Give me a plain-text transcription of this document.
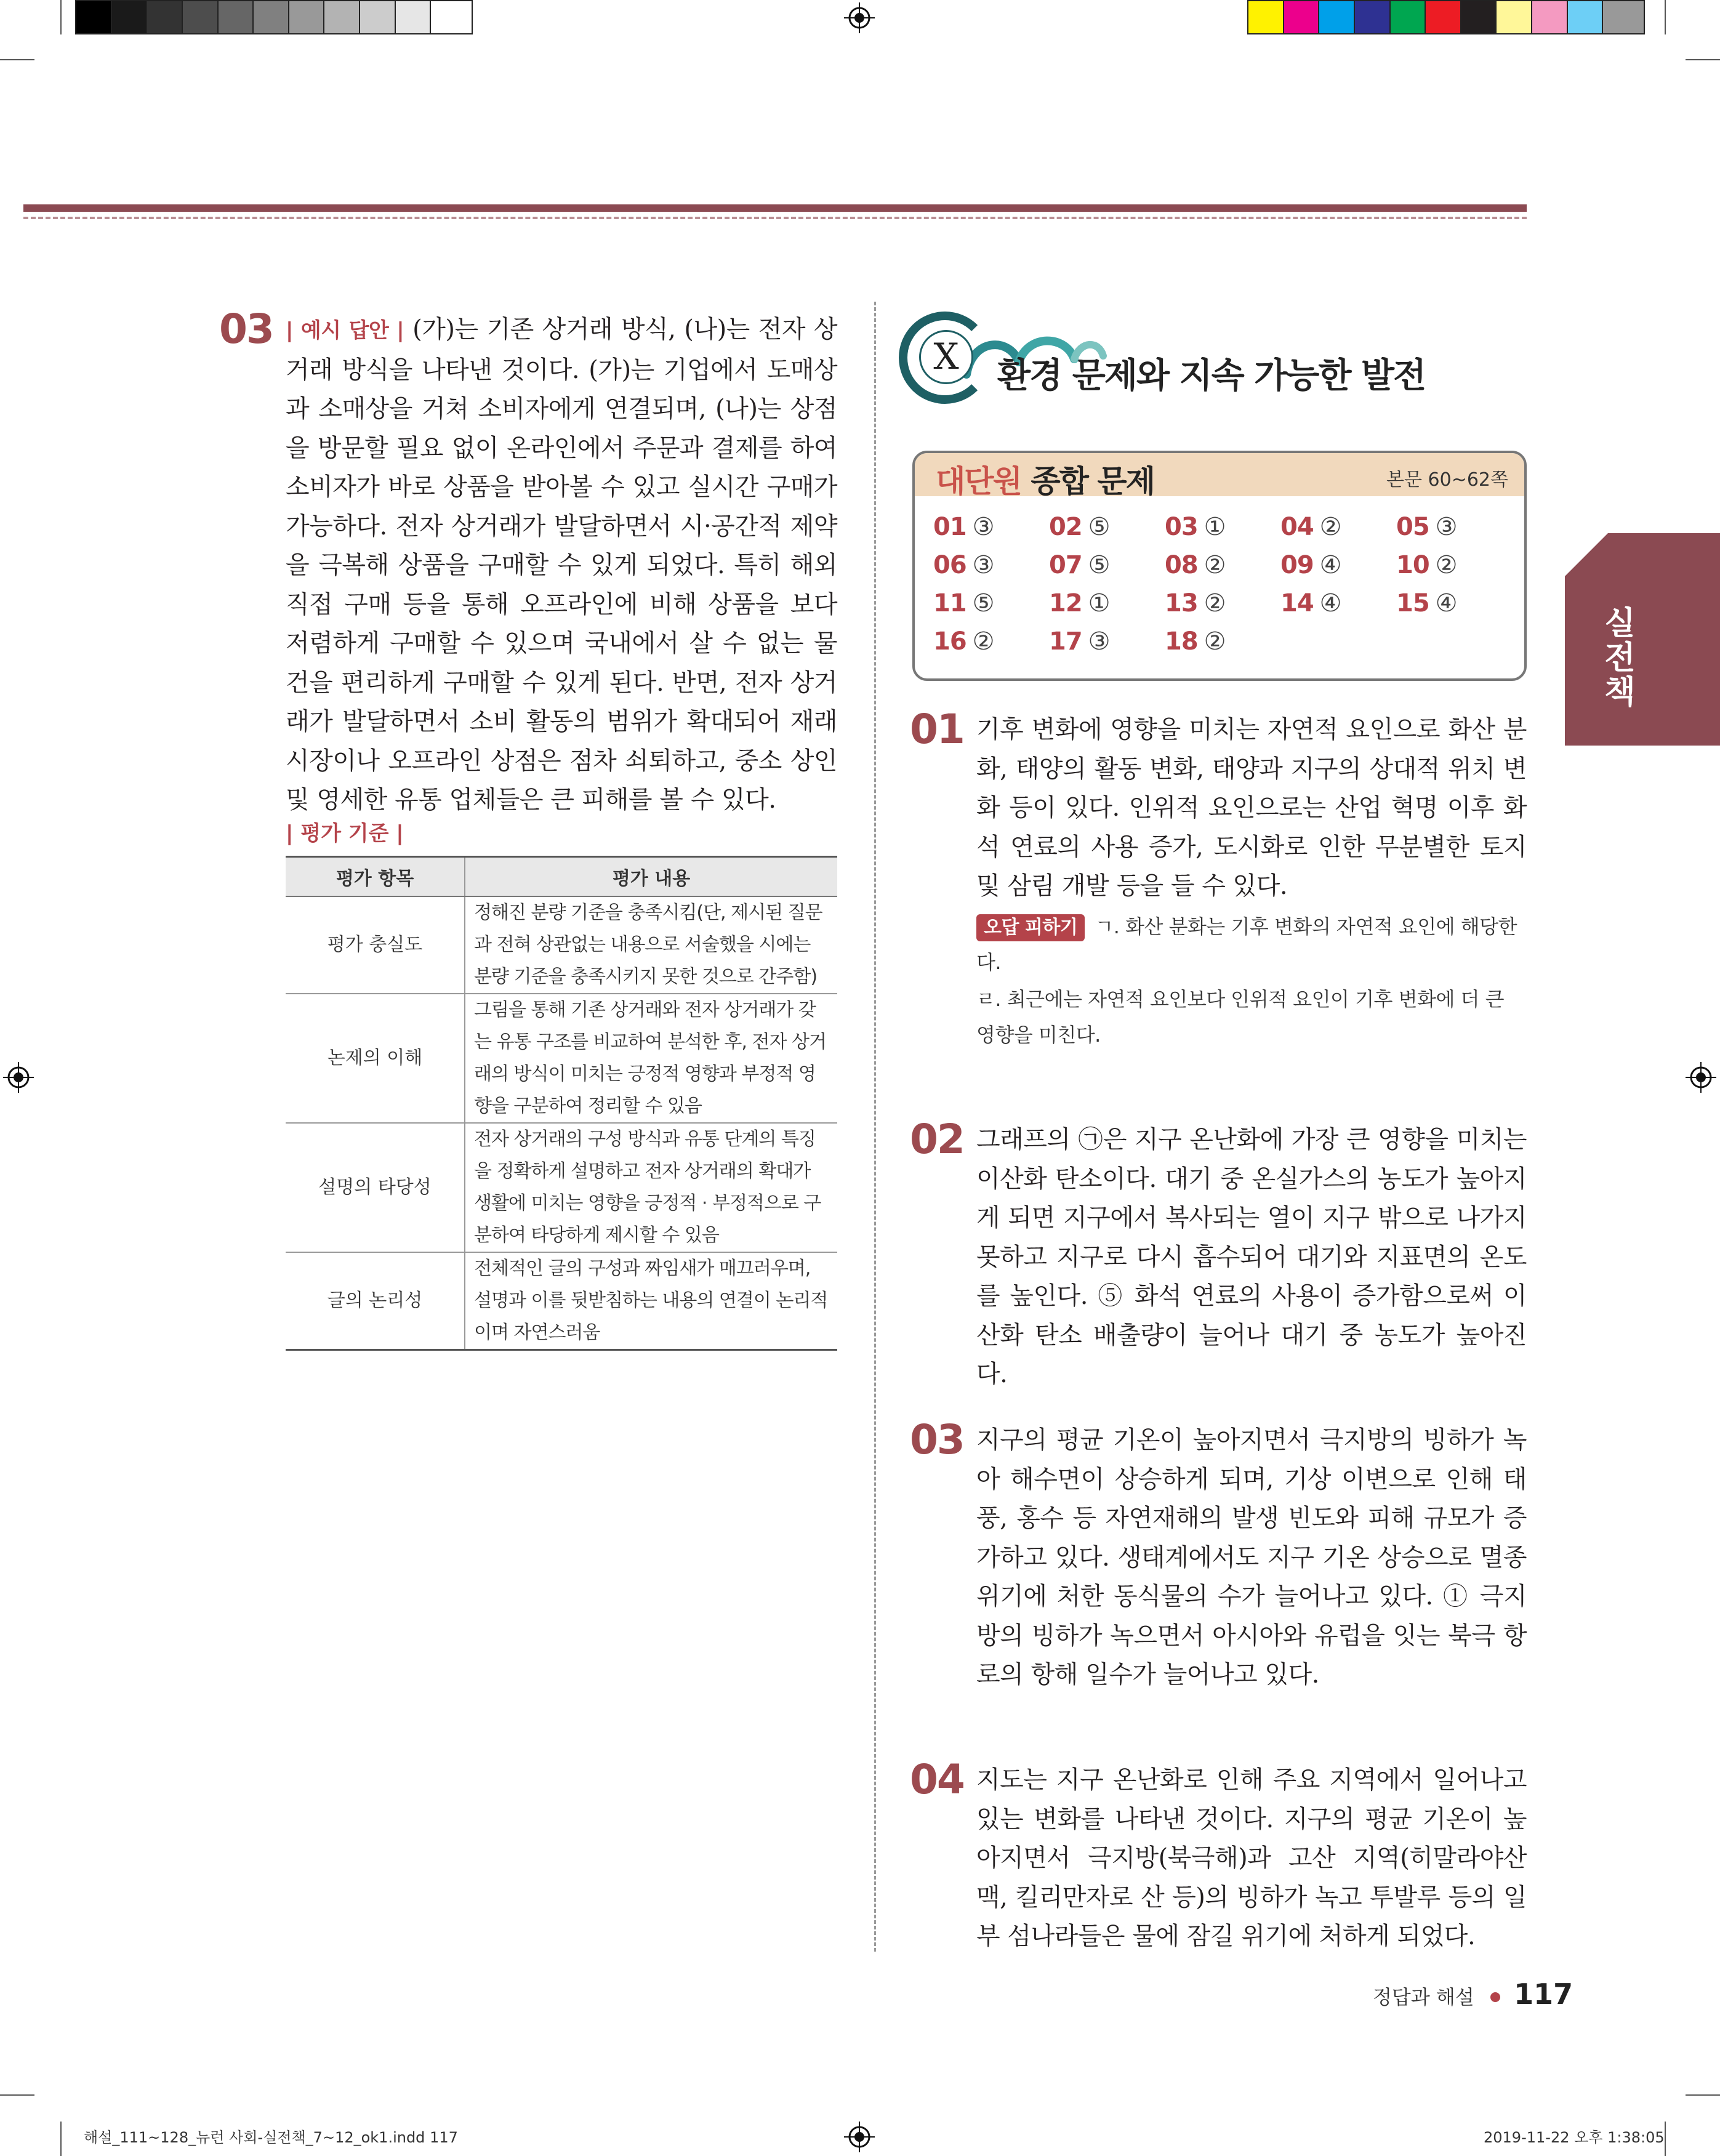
03 | 예시 답안 | (가)는 기존 상거래 방식, (나)는 전자 상거래 방식을 나타낸 것이다. (가)는 기업에서 도매상과 소매상을 거쳐 소비자에게 연결되며, (나)는 상점을 방문할 필요 없이 온라인에서 주문과 결제를 하여 소비자가 바로 상품을 받아볼 수 있고 실시간 구매가 가능하다. 전자 상거래가 발달하면서 시·공간적 제약을 극복해 상품을 구매할 수 있게 되었다. 특히 해외 직접 구매 등을 통해 오프라인에 비해 상품을 보다 저렴하게 구매할 수 있으며 국내에서 살 수 없는 물건을 편리하게 구매할 수 있게 된다. 반면, 전자 상거래가 발달하면서 소비 활동의 범위가 확대되어 재래시장이나 오프라인 상점은 점차 쇠퇴하고, 중소 상인 및 영세한 유통 업체들은 큰 피해를 볼 수 있다.
| 평가 기준 |
평가 항목	평가 내용
평가 충실도	정해진 분량 기준을 충족시킴(단, 제시된 질문과 전혀 상관없는 내용으로 서술했을 시에는 분량 기준을 충족시키지 못한 것으로 간주함)
논제의 이해	그림을 통해 기존 상거래와 전자 상거래가 갖는 유통 구조를 비교하여 분석한 후, 전자 상거래의 방식이 미치는 긍정적 영향과 부정적 영향을 구분하여 정리할 수 있음
설명의 타당성	전자 상거래의 구성 방식과 유통 단계의 특징을 정확하게 설명하고 전자 상거래의 확대가 생활에 미치는 영향을 긍정적 · 부정적으로 구분하여 타당하게 제시할 수 있음
글의 논리성	전체적인 글의 구성과 짜임새가 매끄러우며, 설명과 이를 뒷받침하는 내용의 연결이 논리적이며 자연스러움
X	환경 문제와 지속 가능한 발전
대단원 종합 문제	본문 60~62쪽
01 ③	02 ⑤	03 ①	04 ②	05 ③
06 ③	07 ⑤	08 ②	09 ④	10 ②
11 ⑤	12 ①	13 ②	14 ④	15 ④
16 ②	17 ③	18 ②	실전책
01 기후 변화에 영향을 미치는 자연적 요인으로 화산 분화, 태양의 활동 변화, 태양과 지구의 상대적 위치 변화 등이 있다. 인위적 요인으로는 산업 혁명 이후 화석 연료의 사용 증가, 도시화로 인한 무분별한 토지 및 삼림 개발 등을 들 수 있다.
오답 피하기 ㄱ. 화산 분화는 기후 변화의 자연적 요인에 해당한다.
ㄹ. 최근에는 자연적 요인보다 인위적 요인이 기후 변화에 더 큰 영향을 미친다.
02 그래프의 ㉠은 지구 온난화에 가장 큰 영향을 미치는 이산화 탄소이다. 대기 중 온실가스의 농도가 높아지게 되면 지구에서 복사되는 열이 지구 밖으로 나가지 못하고 지구로 다시 흡수되어 대기와 지표면의 온도를 높인다. ⑤ 화석 연료의 사용이 증가함으로써 이산화 탄소 배출량이 늘어나 대기 중 농도가 높아진다.
03 지구의 평균 기온이 높아지면서 극지방의 빙하가 녹아 해수면이 상승하게 되며, 기상 이변으로 인해 태풍, 홍수 등 자연재해의 발생 빈도와 피해 규모가 증가하고 있다. 생태계에서도 지구 기온 상승으로 멸종 위기에 처한 동식물의 수가 늘어나고 있다. ① 극지방의 빙하가 녹으면서 아시아와 유럽을 잇는 북극 항로의 항해 일수가 늘어나고 있다.
04 지도는 지구 온난화로 인해 주요 지역에서 일어나고 있는 변화를 나타낸 것이다. 지구의 평균 기온이 높아지면서 극지방(북극해)과 고산 지역(히말라야산맥, 킬리만자로 산 등)의 빙하가 녹고 투발루 등의 일부 섬나라들은 물에 잠길 위기에 처하게 되었다.
정답과 해설 117
해설_111~128_뉴런 사회-실전책_7~12_ok1.indd 117	2019-11-22 오후 1:38:05
